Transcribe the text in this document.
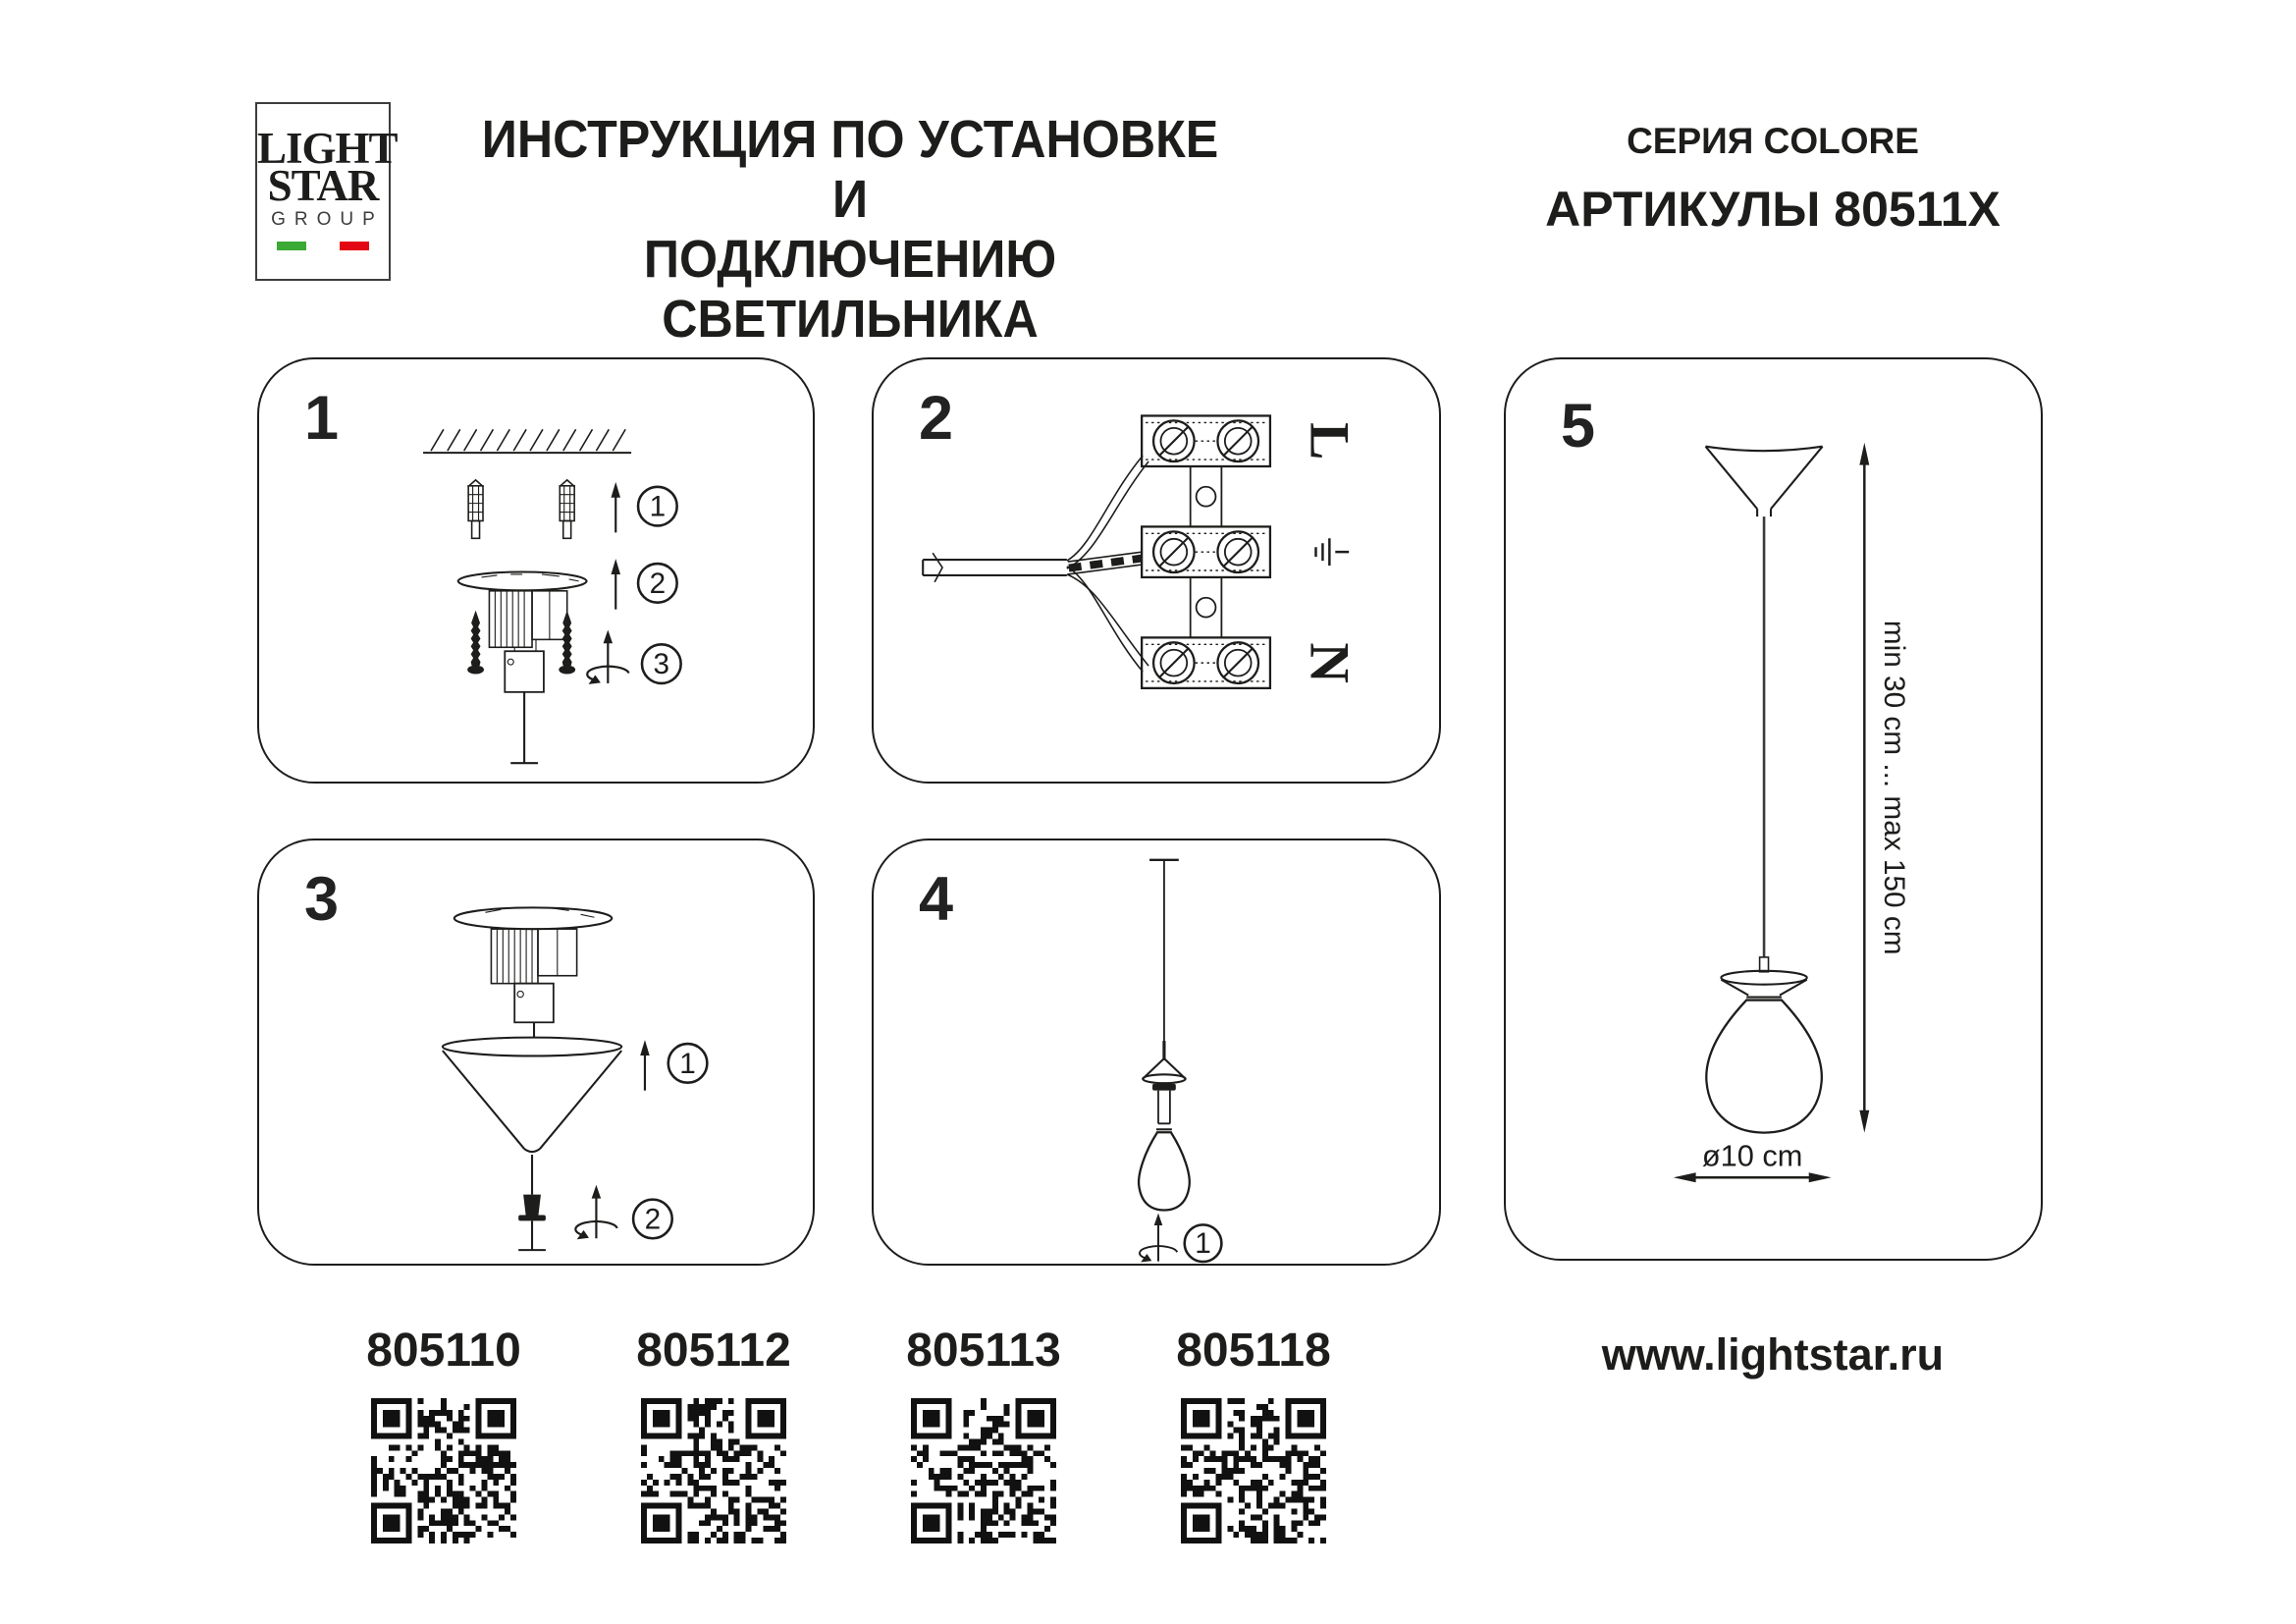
LIGHT
STAR
GROUP
ИНСТРУКЦИЯ ПО УСТАНОВКЕ И
ПОДКЛЮЧЕНИЮ СВЕТИЛЬНИКА
СЕРИЯ COLORE
АРТИКУЛЫ 80511X
1
1
2
3
2	L
N
3
1
2
4
1
5
min 30 cm ... max 150 cm
ø10 cm
805110	805112	805113	805118	www.lightstar.ru
